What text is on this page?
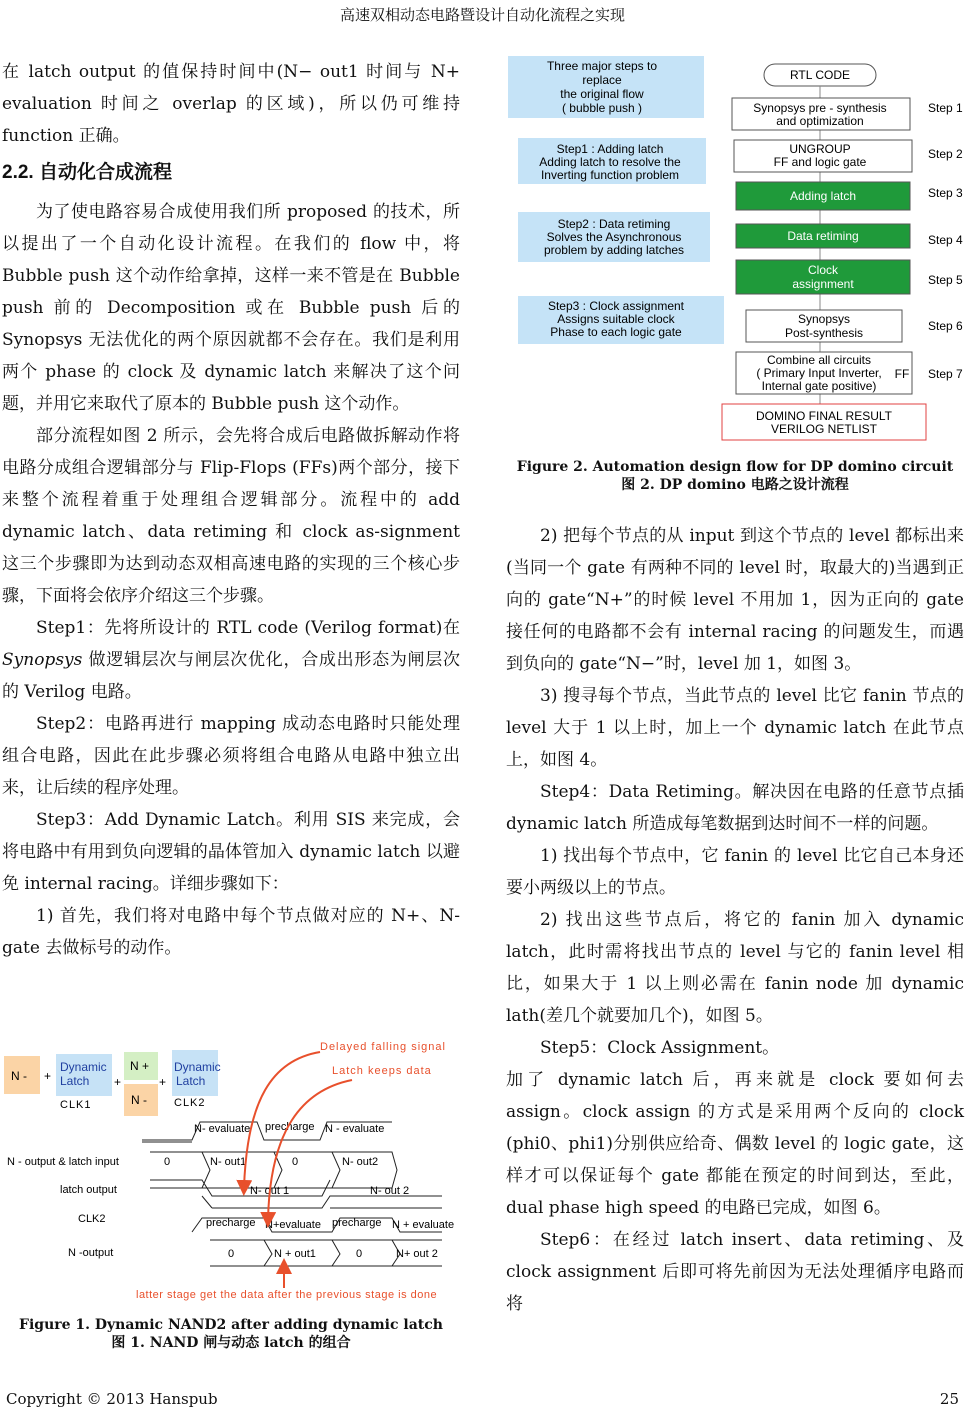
高速双相动态电路暨设计自动化流程之实现

在 latch output 的值保持时间中(N− out1 时间与 N+ evaluation 时间之 overlap 的区域)，所以仍可维持 function 正确。

2.2. 自动化合成流程

为了使电路容易合成使用我们所 proposed 的技术，所以提出了一个自动化设计流程。在我们的 flow 中，将 Bubble push 这个动作给拿掉，这样一来不管是在 Bubble push 前的 Decomposition 或在 Bubble push 后的 Synopsys 无法优化的两个原因就都不会存在。我们是利用两个 phase 的 clock 及 dynamic latch 来解决了这个问题，并用它来取代了原本的 Bubble push 这个动作。

部分流程如图 2 所示，会先将合成后电路做拆解动作将电路分成组合逻辑部分与 Flip-Flops (FFs)两个部分，接下来整个流程着重于处理组合逻辑部分。流程中的 add dynamic latch、data retiming 和 clock as-signment 这三个步骤即为达到动态双相高速电路的实现的三个核心步骤，下面将会依序介绍这三个步骤。

Step1：先将所设计的 RTL code (Verilog format)在 Synopsys 做逻辑层次与闸层次优化，合成出形态为闸层次的 Verilog 电路。

Step2：电路再进行 mapping 成动态电路时只能处理组合电路，因此在此步骤必须将组合电路从电路中独立出来，让后续的程序处理。

Step3：Add Dynamic Latch。利用 SIS 来完成，会将电路中有用到负向逻辑的晶体管加入 dynamic latch 以避免 internal racing。详细步骤如下：

1) 首先，我们将对电路中每个节点做对应的 N+、N-gate 去做标号的动作。

N - +
Dynamic
Latch +
N +
N -
+
Dynamic
Latch
CLK1	CLK2
Delayed falling signal
Latch keeps data
N- evaluate precharge N - evaluate
N - output & latch input	0	N- out1	0	N- out2
latch output	N- out 1	N- out 2
CLK2	precharge N+evaluate precharge N + evaluate
N -output	0	N + out1	0	N+ out 2
latter stage get the data after the previous stage is done
Figure 1. Dynamic NAND2 after adding dynamic latch
图 1. NAND 闸与动态 latch 的组合
Three major steps to replace the original flow ( bubble push )
Step1 : Adding latch Adding latch to resolve the Inverting function problem
Step2 : Data retiming Solves the Asynchronous problem by adding latches
Step3 : Clock assignment Assigns suitable clock Phase to each logic gate
RTL CODE
Synopsys pre - synthesis and optimization
UNGROUP FF and logic gate
Adding latch
Data retiming
Clock assignment
Synopsys Post-synthesis
Combine all circuits ( Primary Input Inverter, Internal gate positive)
FF
DOMINO FINAL RESULT VERILOG NETLIST
Step 1
Step 2
Step 3
Step 4
Step 5
Step 6
Step 7
Figure 2. Automation design flow for DP domino circuit
图 2. DP domino 电路之设计流程

2) 把每个节点的从 input 到这个节点的 level 都标出来(当同一个 gate 有两种不同的 level 时，取最大的)当遇到正向的 gate“N+”的时候 level 不用加 1，因为正向的 gate 接任何的电路都不会有 internal racing 的问题发生，而遇到负向的 gate“N−”时，level 加 1，如图 3。

3) 搜寻每个节点，当此节点的 level 比它 fanin 节点的 level 大于 1 以上时，加上一个 dynamic latch 在此节点上，如图 4。

Step4：Data Retiming。解决因在电路的任意节点插 dynamic latch 所造成每笔数据到达时间不一样的问题。

1) 找出每个节点中，它 fanin 的 level 比它自己本身还要小两级以上的节点。

2) 找出这些节点后，将它的 fanin 加入 dynamic latch，此时需将找出节点的 level 与它的 fanin level 相比，如果大于 1 以上则必需在 fanin node 加 dynamic lath(差几个就要加几个)，如图 5。

Step5：Clock Assignment。

加了 dynamic latch 后，再来就是 clock 要如何去 assign。clock assign 的方式是采用两个反向的 clock (phi0、phi1)分别供应给奇、偶数 level 的 logic gate，这样才可以保证每个 gate 都能在预定的时间到达，至此，dual phase high speed 的电路已完成，如图 6。

Step6：在经过 latch insert、data retiming、及 clock assignment 后即可将先前因为无法处理循序电路而将

Copyright © 2013 Hanspub	25
